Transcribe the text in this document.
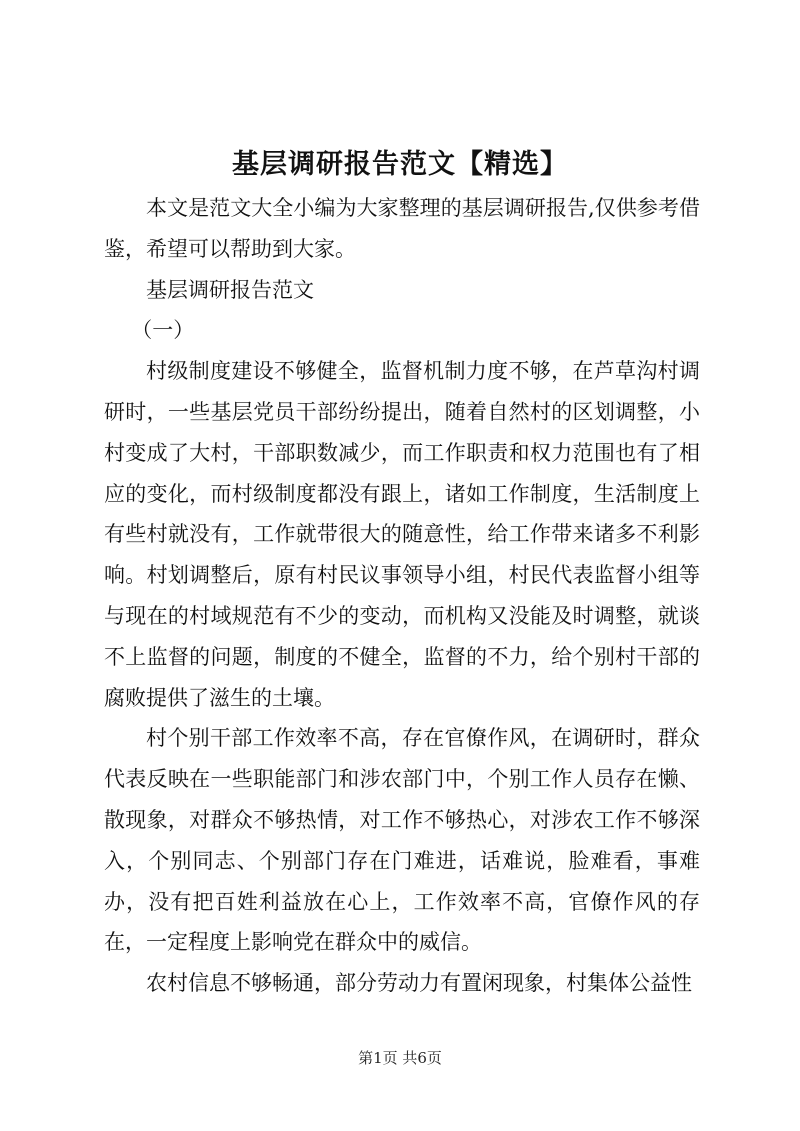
基层调研报告范文【精选】

本文是范文大全小编为大家整理的基层调研报告,仅供参考借鉴，希望可以帮助到大家。

基层调研报告范文

（一）

村级制度建设不够健全，监督机制力度不够，在芦草沟村调研时，一些基层党员干部纷纷提出，随着自然村的区划调整，小村变成了大村，干部职数减少，而工作职责和权力范围也有了相应的变化，而村级制度都没有跟上，诸如工作制度，生活制度上有些村就没有，工作就带很大的随意性，给工作带来诸多不利影响。村划调整后，原有村民议事领导小组，村民代表监督小组等与现在的村域规范有不少的变动，而机构又没能及时调整，就谈不上监督的问题，制度的不健全，监督的不力，给个别村干部的腐败提供了滋生的土壤。

村个别干部工作效率不高，存在官僚作风，在调研时，群众代表反映在一些职能部门和涉农部门中，个别工作人员存在懒、散现象，对群众不够热情，对工作不够热心，对涉农工作不够深入，个别同志、个别部门存在门难进，话难说，脸难看，事难办，没有把百姓利益放在心上，工作效率不高，官僚作风的存在，一定程度上影响党在群众中的威信。

农村信息不够畅通，部分劳动力有置闲现象，村集体公益性

第1页 共6页
